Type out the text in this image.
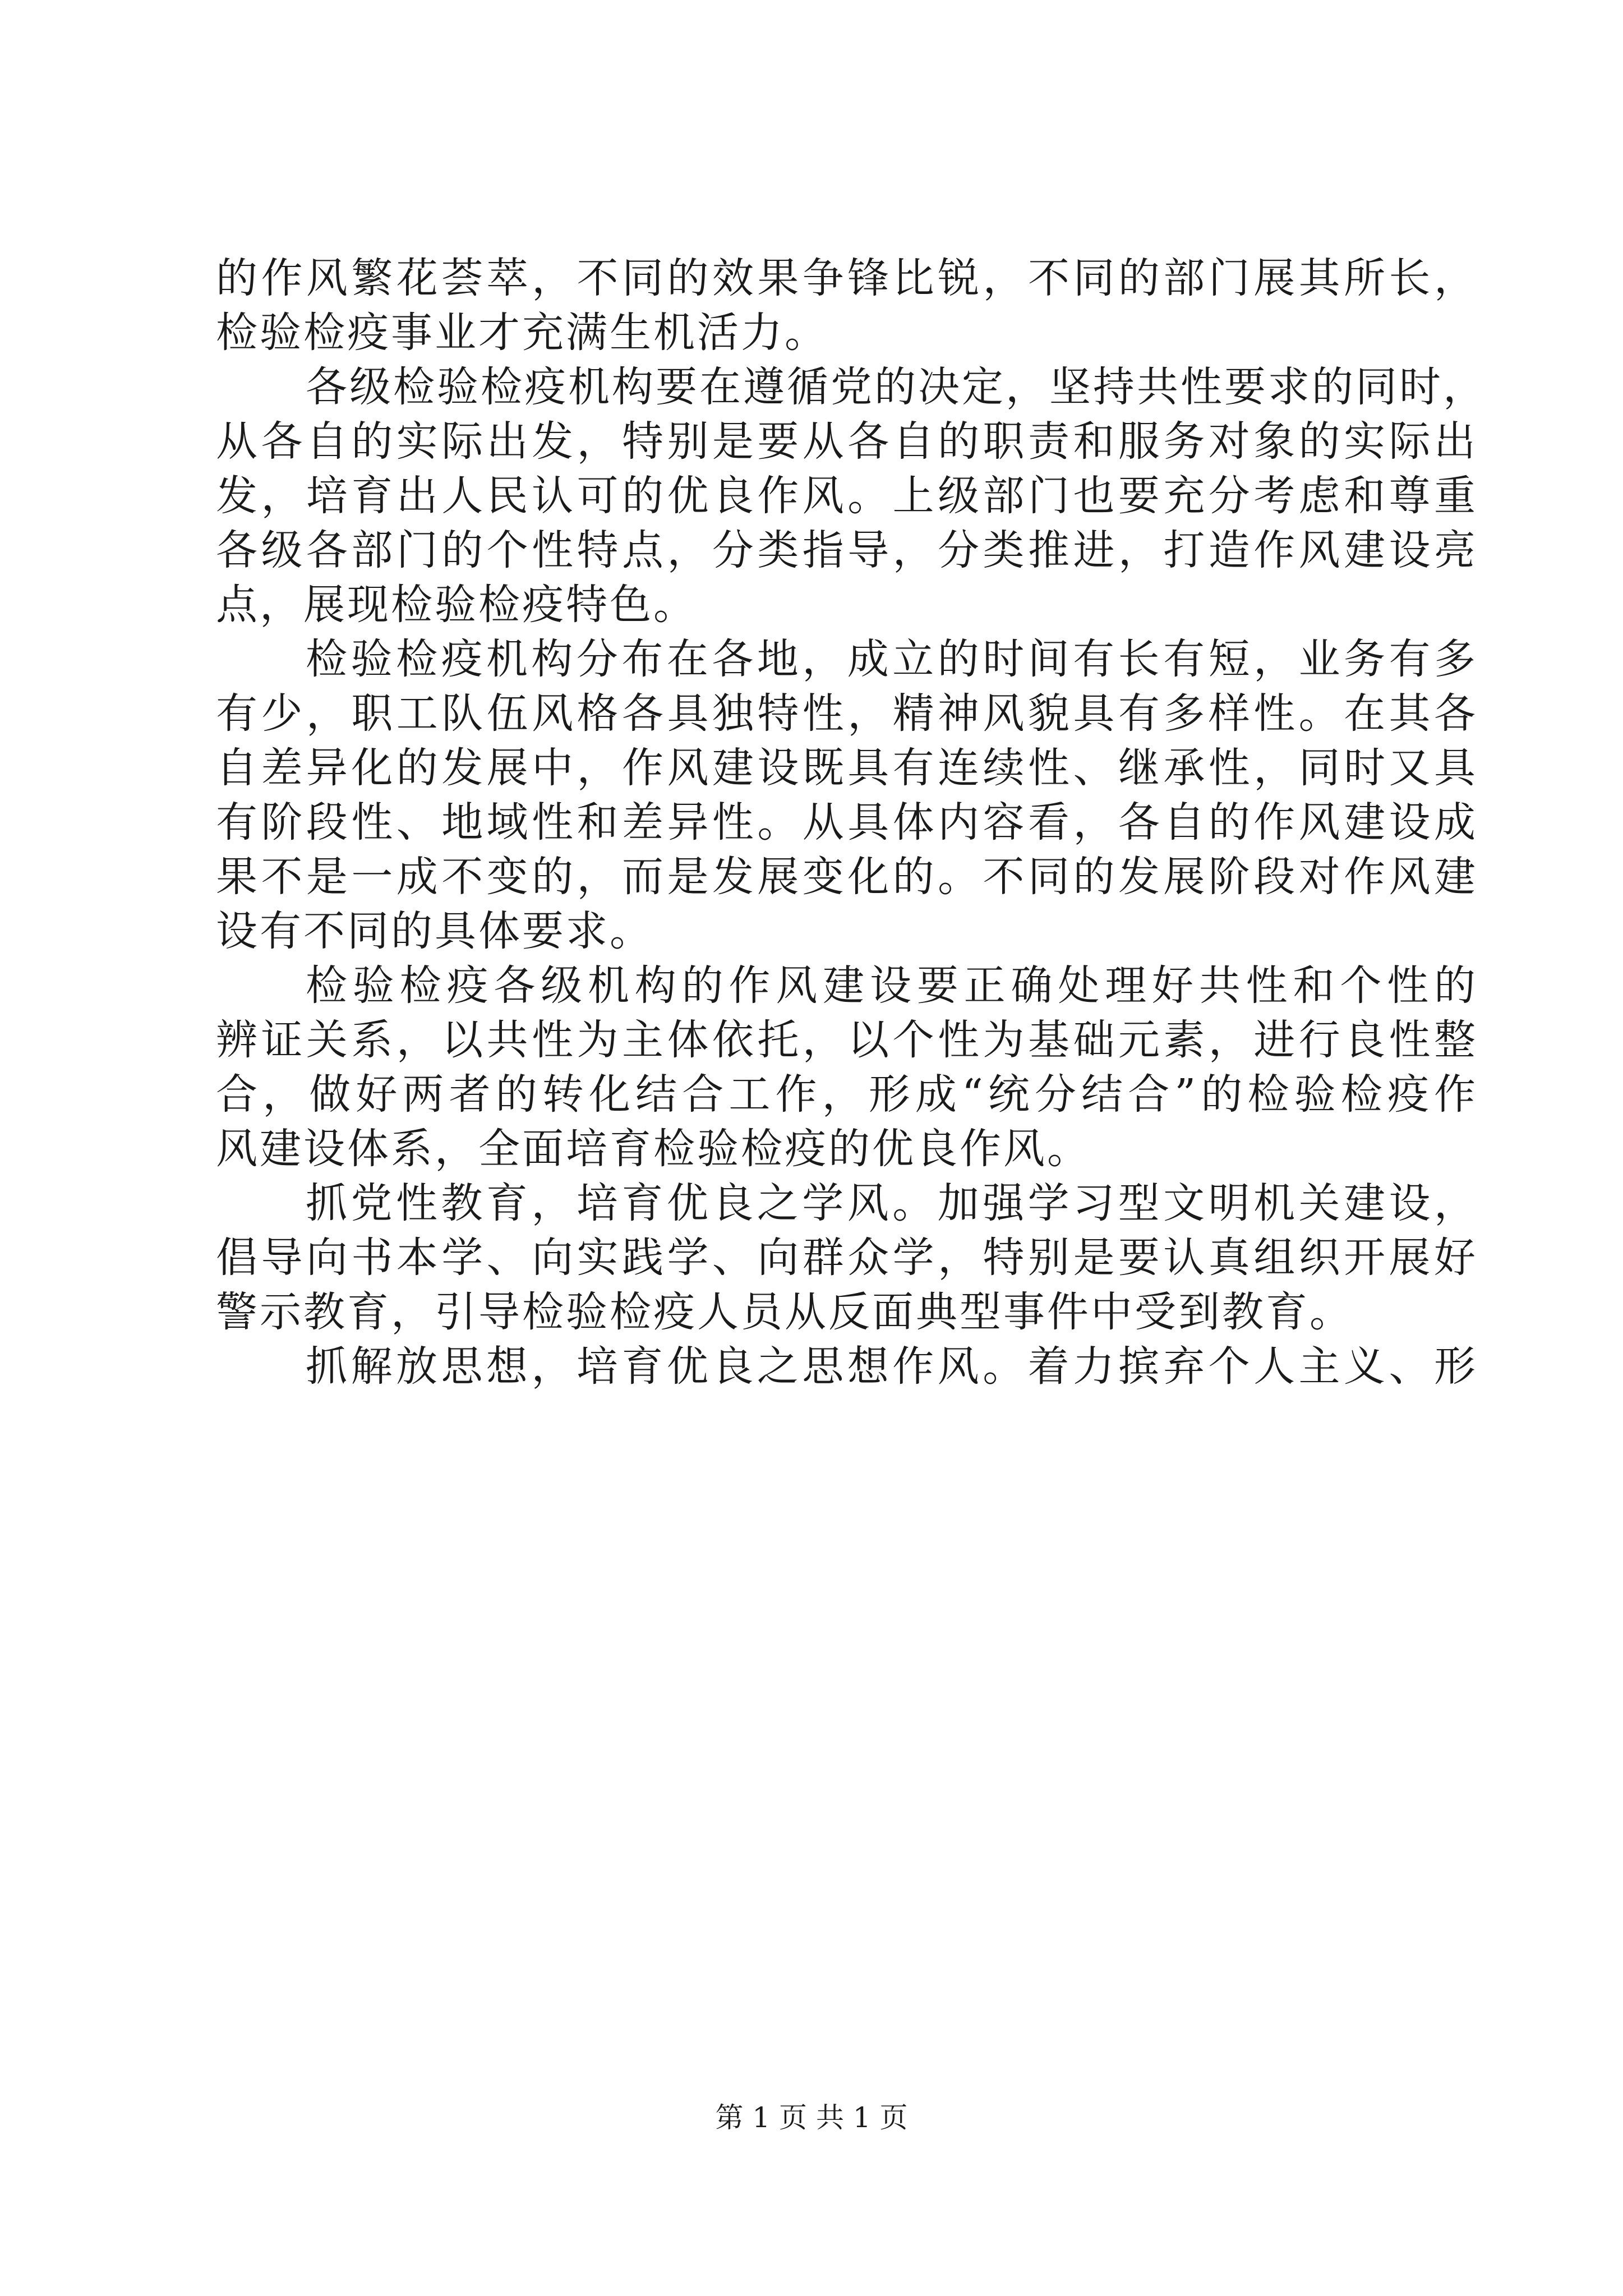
的作风繁花荟萃，不同的效果争锋比锐，不同的部门展其所长，

检验检疫事业才充满生机活力。

各级检验检疫机构要在遵循党的决定，坚持共性要求的同时，

从各自的实际出发，特别是要从各自的职责和服务对象的实际出

发，培育出人民认可的优良作风。上级部门也要充分考虑和尊重

各级各部门的个性特点，分类指导，分类推进，打造作风建设亮

点，展现检验检疫特色。

检验检疫机构分布在各地，成立的时间有长有短，业务有多

有少，职工队伍风格各具独特性，精神风貌具有多样性。在其各

自差异化的发展中，作风建设既具有连续性、继承性，同时又具

有阶段性、地域性和差异性。从具体内容看，各自的作风建设成

果不是一成不变的，而是发展变化的。不同的发展阶段对作风建

设有不同的具体要求。

检验检疫各级机构的作风建设要正确处理好共性和个性的

辨证关系，以共性为主体依托，以个性为基础元素，进行良性整

合，做好两者的转化结合工作，形成“统分结合”的检验检疫作

风建设体系，全面培育检验检疫的优良作风。

抓党性教育，培育优良之学风。加强学习型文明机关建设，

倡导向书本学、向实践学、向群众学，特别是要认真组织开展好

警示教育，引导检验检疫人员从反面典型事件中受到教育。

抓解放思想，培育优良之思想作风。着力摈弃个人主义、形

第 1 页 共 1 页
